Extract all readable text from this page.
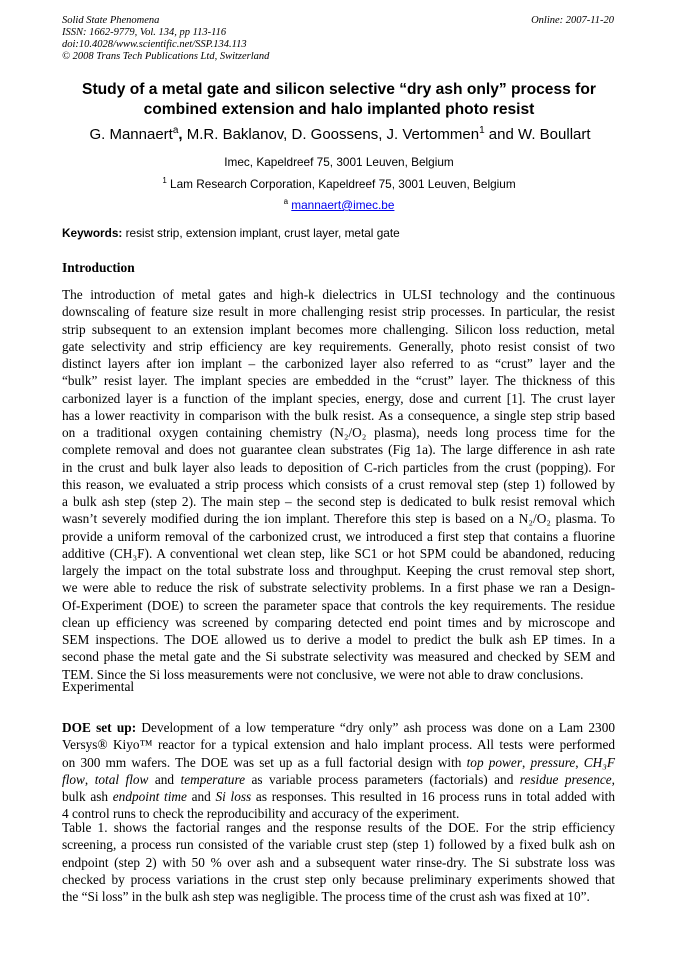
Solid State Phenomena
ISSN: 1662-9779, Vol. 134, pp 113-116
doi:10.4028/www.scientific.net/SSP.134.113
© 2008 Trans Tech Publications Ltd, Switzerland
Online: 2007-11-20
Study of a metal gate and silicon selective “dry ash only” process for
combined extension and halo implanted photo resist
G. Mannaert$^a$, M.R. Baklanov, D. Goossens, J. Vertommen$^1$ and W. Boullart
Imec, Kapeldreef 75, 3001 Leuven, Belgium
$^1$ Lam Research Corporation, Kapeldreef 75, 3001 Leuven, Belgium
$^a$ mannaert@imec.be
Keywords: resist strip, extension implant, crust layer, metal gate
Introduction
The introduction of metal gates and high-k dielectrics in ULSI technology and the continuous
downscaling of feature size result in more challenging resist strip processes. In particular, the resist
strip subsequent to an extension implant becomes more challenging. Silicon loss reduction, metal
gate selectivity and strip efficiency are key requirements. Generally, photo resist consist of two
distinct layers after ion implant – the carbonized layer also referred to as “crust” layer and the
“bulk” resist layer. The implant species are embedded in the “crust” layer. The thickness of this
carbonized layer is a function of the implant species, energy, dose and current [1]. The crust layer
has a lower reactivity in comparison with the bulk resist. As a consequence, a single step strip based
on a traditional oxygen containing chemistry (N₂/O₂ plasma), needs long process time for the
complete removal and does not guarantee clean substrates (Fig 1a). The large difference in ash rate
in the crust and bulk layer also leads to deposition of C-rich particles from the crust (popping). For
this reason, we evaluated a strip process which consists of a crust removal step (step 1) followed by
a bulk ash step (step 2). The main step – the second step is dedicated to bulk resist removal which
wasn’t severely modified during the ion implant. Therefore this step is based on a N₂/O₂ plasma. To
provide a uniform removal of the carbonized crust, we introduced a first step that contains a fluorine
additive (CH₃F). A conventional wet clean step, like SC1 or hot SPM could be abandoned, reducing
largely the impact on the total substrate loss and throughput. Keeping the crust removal step short,
we were able to reduce the risk of substrate selectivity problems. In a first phase we ran a Design-
Of-Experiment (DOE) to screen the parameter space that controls the key requirements. The residue
clean up efficiency was screened by comparing detected end point times and by microscope and
SEM inspections. The DOE allowed us to derive a model to predict the bulk ash EP times. In a
second phase the metal gate and the Si substrate selectivity was measured and checked by SEM and
TEM. Since the Si loss measurements were not conclusive, we were not able to draw conclusions.
Experimental
DOE set up: Development of a low temperature “dry only” ash process was done on a Lam 2300
Versys® Kiyo™ reactor for a typical extension and halo implant process. All tests were performed
on 300 mm wafers. The DOE was set up as a full factorial design with top power, pressure, CH₃F
flow, total flow and temperature as variable process parameters (factorials) and residue presence,
bulk ash endpoint time and Si loss as responses. This resulted in 16 process runs in total added with
4 control runs to check the reproducibility and accuracy of the experiment.
Table 1. shows the factorial ranges and the response results of the DOE. For the strip efficiency
screening, a process run consisted of the variable crust step (step 1) followed by a fixed bulk ash on
endpoint (step 2) with 50 % over ash and a subsequent water rinse-dry. The Si substrate loss was
checked by process variations in the crust step only because preliminary experiments showed that
the “Si loss” in the bulk ash step was negligible. The process time of the crust ash was fixed at 10”.
